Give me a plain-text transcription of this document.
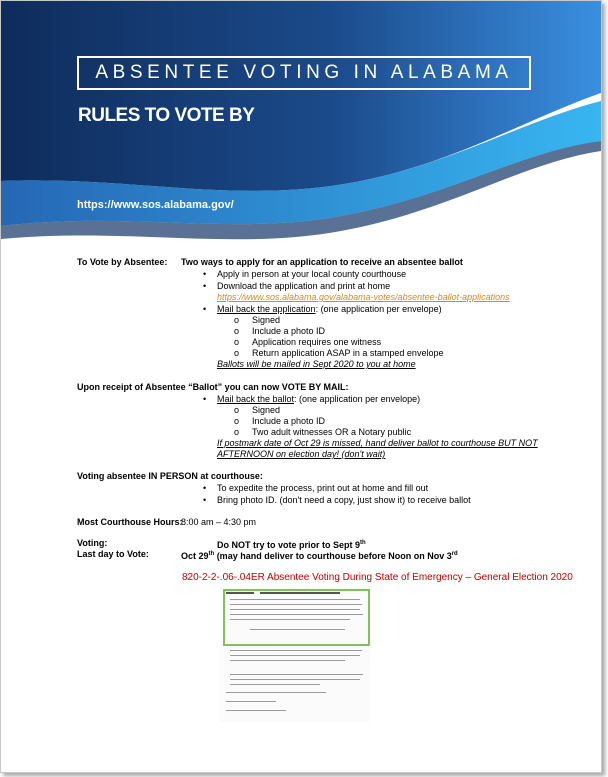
ABSENTEE VOTING IN ALABAMA
RULES TO VOTE BY
https://www.sos.alabama.gov/
To Vote by Absentee: Two ways to apply for an application to receive an absentee ballot
• Apply in person at your local county courthouse
• Download the application and print at home
https://www.sos.alabama.gov/alabama-votes/absentee-ballot-applications
• Mail back the application: (one application per envelope)
o Signed
o Include a photo ID
o Application requires one witness
o Return application ASAP in a stamped envelope
Ballots will be mailed in Sept 2020 to you at home
Upon receipt of Absentee “Ballot” you can now VOTE BY MAIL:
• Mail back the ballot: (one application per envelope)
o Signed
o Include a photo ID
o Two adult witnesses OR a Notary public
If postmark date of Oct 29 is missed, hand deliver ballot to courthouse BUT NOT
AFTERNOON on election day! (don't wait)
Voting absentee IN PERSON at courthouse:
• To expedite the process, print out at home and fill out
• Bring photo ID. (don't need a copy, just show it) to receive ballot
Most Courthouse Hours:
8:00 am – 4:30 pm
Voting:	Do NOT try to vote prior to Sept 9th
Last day to Vote:	Oct 29th (may hand deliver to courthouse before Noon on Nov 3rd
820-2-2-.06-.04ER Absentee Voting During State of Emergency – General Election 2020
